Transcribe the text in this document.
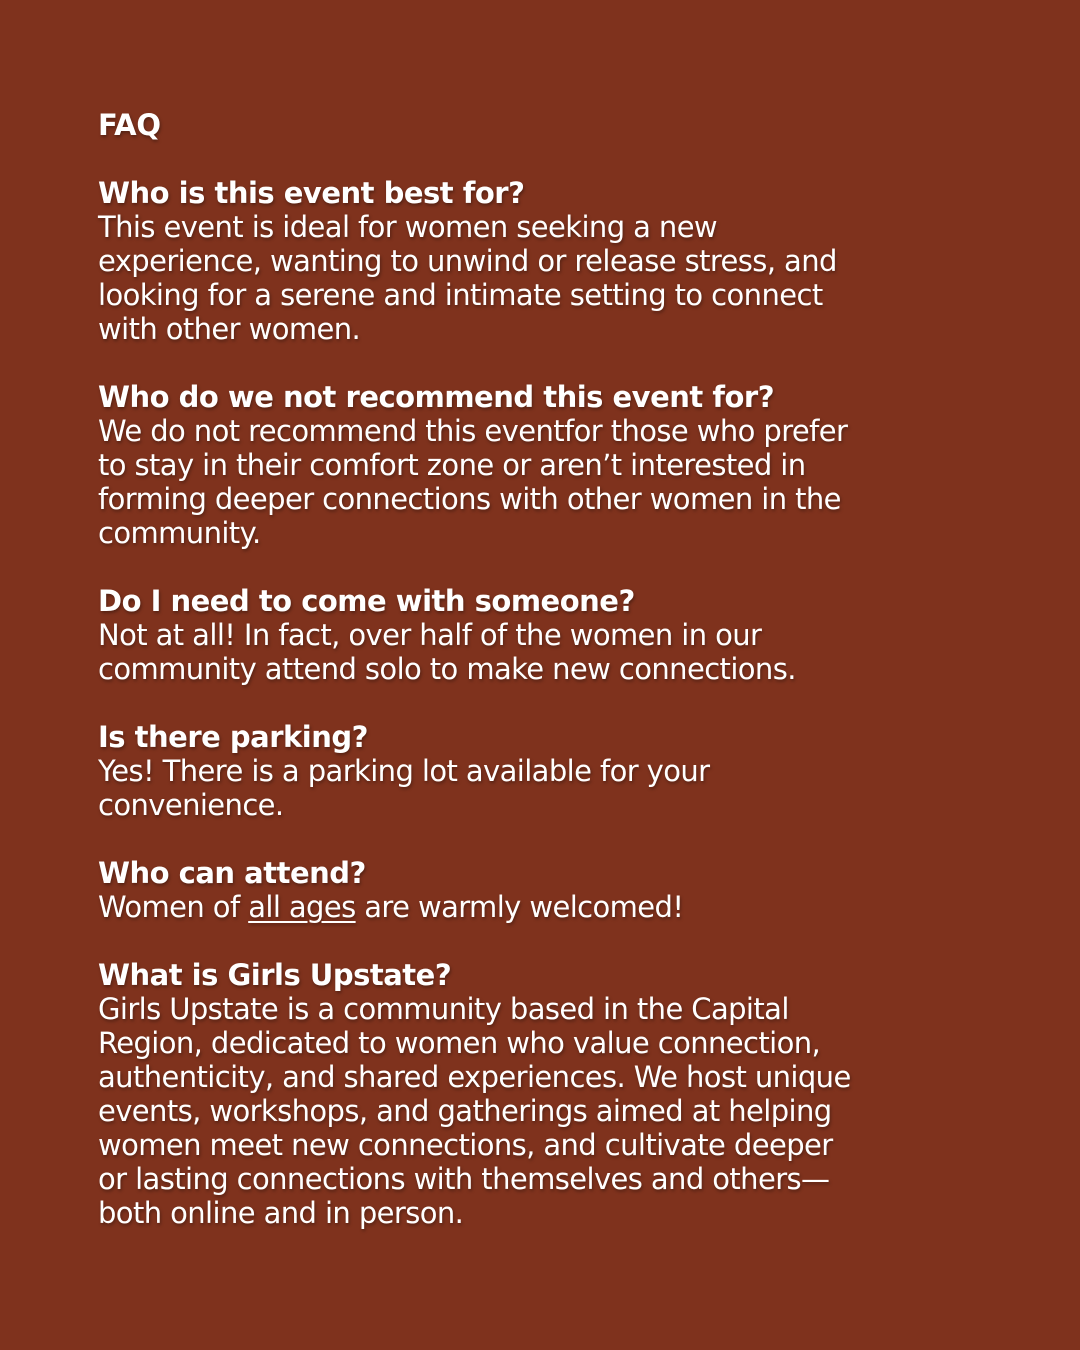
FAQ

Who is this event best for?

This event is ideal for women seeking a new
experience, wanting to unwind or release stress, and
looking for a serene and intimate setting to connect
with other women.

Who do we not recommend this event for?

We do not recommend this eventfor those who prefer
to stay in their comfort zone or aren’t interested in
forming deeper connections with other women in the
community.

Do I need to come with someone?

Not at all! In fact, over half of the women in our
community attend solo to make new connections.

Is there parking?

Yes! There is a parking lot available for your
convenience.

Who can attend?

Women of all ages are warmly welcomed!

What is Girls Upstate?

Girls Upstate is a community based in the Capital
Region, dedicated to women who value connection,
authenticity, and shared experiences. We host unique
events, workshops, and gatherings aimed at helping
women meet new connections, and cultivate deeper
or lasting connections with themselves and others—
both online and in person.
